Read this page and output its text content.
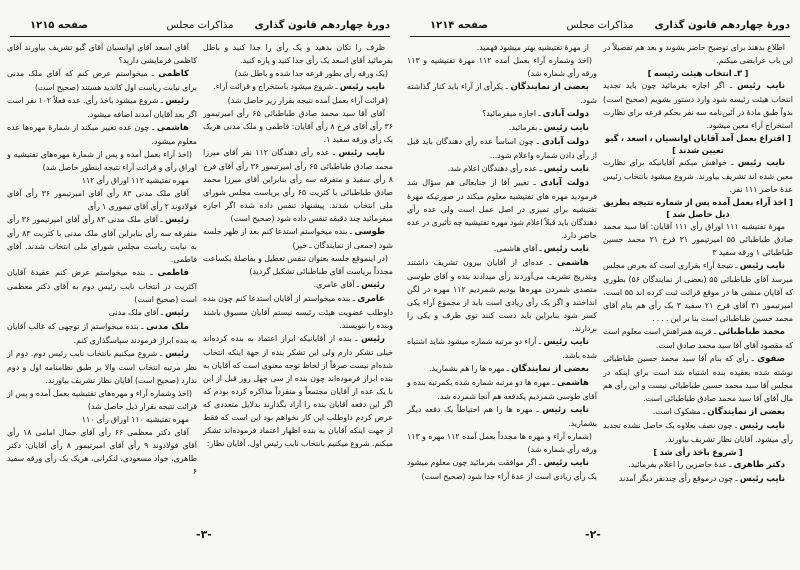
دورهٔ چهاردهم قانون گذاری
مذاکرات مجلس
صفحه ۱۲۱۵

ظرف را تکان بدهید و یک رأی را جدا کنید و باطل بفرمائید آقای اسعد یک رأی جدا کنید و پاره کنید.

(یک ورقه رأی بطور قرعه جدا شده و باطل شد)

نایب رئیس ـ شروع میشود باستخراج و قرائت آراء.

(قرائت آراء بعمل آمده نتیجه بقرار زیر حاصل شد)

آقای آقا سید محمد صادق طباطبائی ۶۵ رأی امیرتیمور ۳۶ رأی آقای فرخ ۸ رأی آقایان: فاطمی و ملک مدنی هریک یک رأی ورقه سفید ۱.

نایب رئیس ـ عده رأی دهندگان ۱۱۲ نفر آقای میرزا محمد صادق طباطبائی ۶۵ رأی امیرتیمور ۳۶ رأی آقای فرخ ۸ رأی سفید و متفرقه سه رأی بنابراین آقای میرزا محمد صادق طباطبائی با کثریت ۶۵ رأی بریاست مجلس شورای ملی انتخاب شدند. پیشنهاد تنفس داده شده اگر اجازه میفرمائید چند دقیقه تنفس داده شود (صحیح است)

طوسی ـ بنده میخواستم استدعا کنم بعد از ظهر جلسه شود (جمعی از نمایندگان ـ خیر)

(در اینموقع جلسه بعنوان تنفس تعطیل و بفاصلهٔ یکساعت مجدداً بریاست آقای طباطبائی تشکیل گردید)

رئیس ـ آقای عامری.

عامری ـ بنده میخواستم از آقایان استدعا کنم چون بنده داوطلب عضویت هیئت رئیسه نیستم آقایان مسبوق باشند وبنده را ننویسند.

رئیس ـ بنده از آقایانیکه ابراز اعتماد به بنده کرده‌اند خیلی تشکر دارم ولی این تشکر بنده از جهة اینکه انتخاب شده‌ام نیست صرفاً از لحاظ توجه معنوی است که آقایان به بنده ابراز فرموده‌اند چون بنده از سی چهل روز قبل از این با یک عده از آقایان مجتمعاً و منفرداً مذاکره کرده بودم که اگر این دفعه آقایان بنده را آزاد بگذارند بدلایل متعددی که عرض کردم داوطلب این کار نخواهم بود این است که فقط از جهت اینکه آقایان به بنده اظهار اعتماد فرموده‌اند تشکر میکنم. شروع میکنیم بانتخاب نایب رئیس اول. آقایان نظار:

آقای اسعد آقای اوانسیان آقای گیو تشریف بیاورند آقای کاظمی فرمایشی دارید؟

کاظمی ـ میخواستم عرض کنم که آقای ملک مدنی برای نیابت ریاست اول کاندید هستند (صحیح است)

رئیس ـ شروع میشود باخذ رأی. عده فعلاً ۱۰۲ نفر است اگر بعد آقایان آمدند اضافه میشود.

هاشمی ـ چون عده تغییر میکند از شمارهٔ مهره‌ها عده معلوم میشود.

(اخذ آراء بعمل آمده و پس از شمارهٔ مهره‌های تفتیشیه و اوراق رأی و قرائت آراء نتیجه اینطور حاصل شد)

مهره تفتیشیه ۱۱۲ اوراق رأی ۱۱۲

آقای ملک مدنی ۸۳ رأی آقای امیرتیمور ۳۶ رأی آقای فولادوند ۲ رأی آقای تیموری ۱ رأی

رئیس ـ آقای ملک مدنی ۸۳ رأی آقای امیرتیمور ۳۶ رأی متفرقه سه رأی بنابراین آقای ملک مدنی با کثریت ۸۳ رأی به نیابت ریاست مجلس شورای ملی انتخاب شدند. آقای فاطمی.

فاطمی ـ بنده میخواستم عرض کنم عقیدهٔ آقایان اکثریت در انتخاب نایب رئیس دوم به آقای دکتر معظمی است (صحیح است)

رئیس ـ آقای ملک مدنی

ملک مدنی ـ بنده میخواستم از توجهی که غالب آقایان به بنده ابراز فرمودند سپاسگذاری کنم.

رئیس ـ شروع میکنیم بانتخاب نایب رئیس دوم. دوم از نظر مرتبه انتخاب است والا بر طبق نظامنامه اول و دوم ندارد (صحیح است) آقایان نظار تشریف بیاورند.

(اخذ وشماره آراء و مهره‌های تفتیشیه بعمل آمده و پس از قرائت نتیجه بقرار ذیل حاصل شد)

مهره تفتیشیه ۱۱۰ اوراق رأی ۱۱۰

آقای دکتر معظمی ۶۶ رأی آقای جمال امامی ۱۸ رأی آقای فولادوند ۹ رأی آقای امیرتیمور ۸ رأی آقایان: دکتر طاهری، جواد مسعودی، لنکرانی، هریک یک رأی ورقه سفید ۶

-۳-
دورهٔ چهاردهم قانون گذاری
مذاکرات مجلس
صفحه ۱۲۱۴

اطلاع بدهند برای توضیح حاضر بشوند و بعد هم تفصیلاً در این باب عرایضی میکنم.

[ ۳ـ انتخاب هیئت رئیسه ]

نایب رئیس ـ اگر اجازه بفرمائید چون باید تجدید انتخاب هیئت رئیسه شود وارد دستور بشویم (صحیح است) بدواً طبق مادهٔ در آئین‌نامه سه نفر بحکم قرعه برای نظارت استخراج آراء معین میشود.

[ اقتراع بعمل آمد آقایان اوانسیان ، اسعد ، گیو تعیین شدند ]

نایب رئیس ـ خواهش میکنم آقایانیکه برای نظارت معین شده اند تشریف بیاورند. شروع میشود بانتخاب رئیس عدهٔ حاضر ۱۱۱ نفر.

[ اخذ آراء بعمل آمده پس از شماره نتیجه بطریق ذیل حاصل شد ]

مهرهٔ تفتیشیه ۱۱۱ اوراق رأی ۱۱۱ آقایان: آقا سید محمد صادق طباطبائی ۵۵ امیرتیمور ۳۱ فرخ ۲۱ محمد حسین طباطبائی ۱ ورقه سفید ۳

نایب رئیس ـ نتیجهٔ آراء بقراری است که بعرض مجلس میرسد آقای طباطبائی ۵۵ (بعضی از نمایندگان ۵۶) بطوری که آقایان منشی ها در موقع قرائت ثبت کرده اند ۵۵ است، امیرتیمور ۳۱ آقای فرخ ۲۱ سفید ۳ یک رأی هم بنام آقای محمد حسین طباطبائی است بنا بر این . . . .

محمد طباطبائی ـ قرینه همراهش است معلوم است که مقصود آقای آقا سید محمد صادق است.

صفوی ـ رأی که بنام آقا سید محمد حسین طباطبائی نوشته شده بعقیده بنده اشتباه شد است برای اینکه در مجلس آقا سید محمد حسین طباطبائی نیست و این رأی هم مال آقای آقا سید محمد صادق طباطبائی است.

بعضی از نمایندگان ـ مشکوک است.

نایب رئیس ـ چون نصف بعلاوه یک حاصل نشده تجدید رأی میشود. آقایان نظار تشریف بیاورند.

[ شروع باخذ رأی شد ]

دکتر طاهری ـ عدهٔ حاضرین را اعلام بفرمائید.

نایب رئیس ـ چون درموقع رأی چندنفر دیگر آمدند

از مهرهٔ تفتیشیه بهتر میشود فهمید.

(اخذ وشماره آراء بعمل آمده ۱۱۲ مهرهٔ تفتیشیه و ۱۱۳ ورقه رأی شماره شد)

بعضی از نمایندگان ـ یکرأی از آراء باید کنار گذاشته شود.

دولت آبادی ـ اجازه میفرمائید؟

نایب رئیس ـ بفرمائید.

دولت آبادی ـ چون اساساً عده رأی دهندگان باید قبل از رأی دادن شماره واعلام شود...

نایب رئیس ـ عده رأی دهندگان اعلام شد.

دولت آبادی ـ تغییر آقا از جنابعالی هم سؤال شد فرمودید مهره های تفتیشیه معلوم میکند در صورتیکه مهرهٔ تفتیشیه برای تمیزی در اصل عمل است ولی عده رأی دهندگان باید قبلاً اعلام شود مهره تفتیشیه چه تأثیری در عده حاضر دارد.

نایب رئیس ـ آقای هاشمی.

هاشمی ـ عده‌ای از آقایان بیرون تشریف داشتند وبتدریج تشریف می‌آوردند رأی میدادند بنده و آقای طوسی متصدی شمردن مهره‌ها بودیم شمردیم ۱۱۲ مهره در لگن انداختند و اگر یک رأی زیادی است باید از مجموع آراء یکی کسر شود بنابراین باید دست کنند توی ظرف و یکی را بردارند.

نایب رئیس ـ آراء دو مرتبه شماره میشود شاید اشتباه شده باشد.

بعضی از نمایندگان ـ مهره ها را هم بشمارید.

هاشمی ـ مهره ها دو مرتبه شماره شده یکمرتبه بنده و آقای طوسی شمردیم یکدفعه هم آنجا شمرده شد.

نایب رئیس ـ مهره ها را هم احتیاطاً یک دفعه دیگر بشمارید.

(شماره آراء و مهره ها مجدداً بعمل آمده ۱۱۲ مهره و ۱۱۳ ورقه رأی شماره شد)

نایب رئیس ـ اگر موافقت بفرمائید چون معلوم میشود یک رأی زیادی است از عدهٔ آراء جدا شود (صحیح است)

-۲-
